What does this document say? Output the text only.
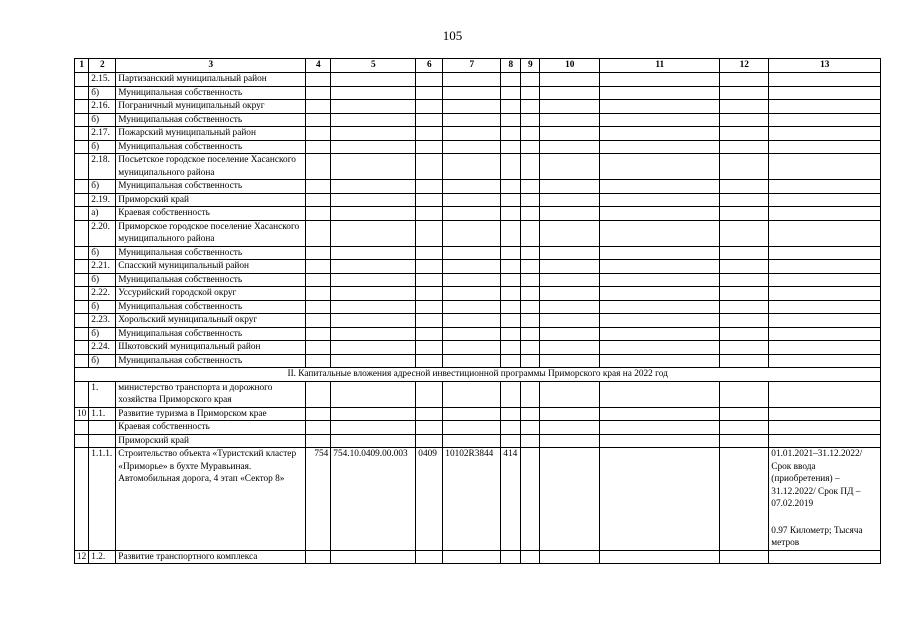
105
1	2	3	4	5	6	7	8	9	10	11	12	13
	2.15.	Партизанский муниципальный район										
	б)	Муниципальная собственность										
	2.16.	Пограничный муниципальный округ										
	б)	Муниципальная собственность										
	2.17.	Пожарский муниципальный район										
	б)	Муниципальная собственность										
	2.18.	Посьетское городское поселение Хасанского муниципального района										
	б)	Муниципальная собственность										
	2.19.	Приморский край										
	а)	Краевая собственность										
	2.20.	Приморское городское поселение Хасанского муниципального района										
	б)	Муниципальная собственность										
	2.21.	Спасский муниципальный район										
	б)	Муниципальная собственность										
	2.22.	Уссурийский городской округ										
	б)	Муниципальная собственность										
	2.23.	Хорольский муниципальный округ										
	б)	Муниципальная собственность										
	2.24.	Шкотовский муниципальный район										
	б)	Муниципальная собственность										
II. Капитальные вложения адресной инвестиционной программы Приморского края на 2022 год												
	1.	министерство транспорта и дорожного хозяйства Приморского края										
10	1.1.	Развитие туризма в Приморском крае										
		Краевая собственность										
		Приморский край										
	1.1.1.	Строительство объекта «Туристский кластер «Приморье» в бухте Муравьиная. Автомобильная дорога, 4 этап «Сектор 8»	754	754.10.0409.00.003	0409	10102R3844	414					01.01.2021–31.12.2022/ Срок ввода (приобретения) – 31.12.2022/ Срок ПД – 07.02.2019
0.97 Километр; Тысяча метров

12	1.2.	Развитие транспортного комплекса										
